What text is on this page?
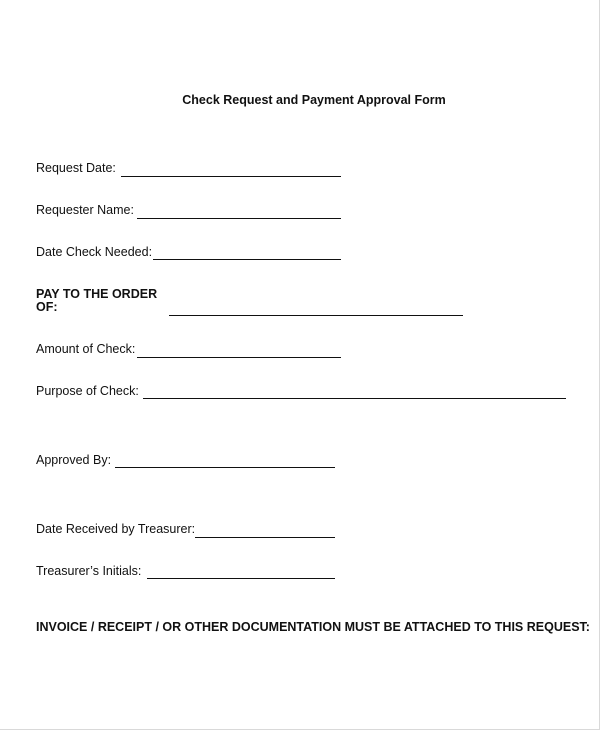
Check Request and Payment Approval Form
Request Date:
Requester Name:
Date Check Needed:
PAY TO THE ORDER
OF:
Amount of Check:
Purpose of Check:
Approved By:
Date Received by Treasurer:
Treasurer’s Initials:
INVOICE / RECEIPT / OR OTHER DOCUMENTATION MUST BE ATTACHED TO THIS REQUEST:
